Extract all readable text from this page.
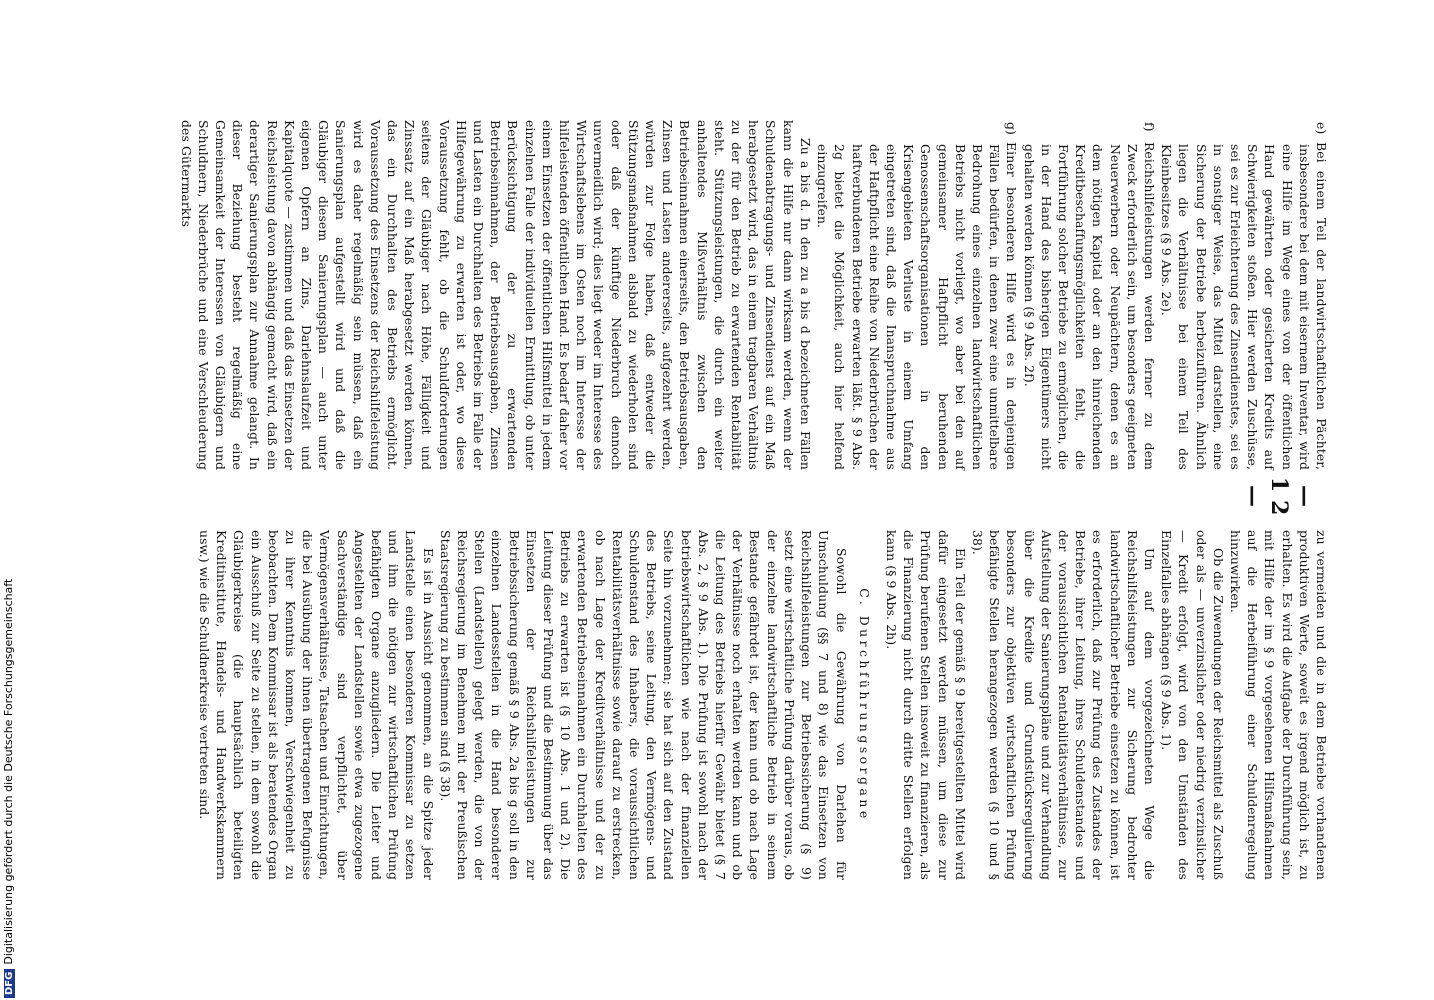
— 12 —
e)Bei einem Teil der landwirtschaftlichen Pächter, insbesondere bei dem mit eisernem Inventar, wird eine Hilfe im Wege eines von der öffentlichen Hand gewährten oder gesicherten Kredits auf Schwierigkeiten stoßen. Hier werden Zuschüsse, sei es zur Erleichterung des Zinsendienstes, sei es in sonstiger Weise, das Mittel darstellen, eine Sicherung der Betriebe herbeizuführen. Ähnlich liegen die Verhältnisse bei einem Teil des Kleinbesitzes (§ 9 Abs. 2e).
f)Reichshilfeleistungen werden ferner zu dem Zweck erforderlich sein, um besonders geeigneten Neuerwerbern oder Neupächtern, denen es an dem nötigen Kapital oder an den hinreichenden Kreditbeschaffungsmöglichkeiten fehlt, die Fortführung solcher Betriebe zu ermöglichen, die in der Hand des bisherigen Eigentümers nicht gehalten werden können (§ 9 Abs. 2f).
g)Einer besonderen Hilfe wird es in denjenigen Fällen bedürfen, in denen zwar eine unmittelbare Bedrohung eines einzelnen landwirtschaftlichen Betriebs nicht vorliegt, wo aber bei den auf gemeinsamer Haftpflicht beruhenden Genossenschaftsorganisationen in den Krisengebieten Verluste in einem Umfang eingetreten sind, daß die Inanspruchnahme aus der Haftpflicht eine Reihe von Niederbrüchen der haftverbundenen Betriebe erwarten läßt. § 9 Abs. 2g bietet die Möglichkeit, auch hier helfend einzugreifen.

Zu a bis d. In den zu a bis d bezeichneten Fällen kann die Hilfe nur dann wirksam werden, wenn der Schuldenabtragungs- und Zinsendienst auf ein Maß herabgesetzt wird, das in einem tragbaren Verhältnis zu der für den Betrieb zu erwartenden Rentabilität steht. Stützungsleistungen, die durch ein weiter anhaltendes Mißverhältnis zwischen den Betriebseinnahmen einerseits, den Betriebsausgaben, Zinsen und Lasten andererseits, aufgezehrt werden, würden zur Folge haben, daß entweder die Stützungsmaßnahmen alsbald zu wiederholen sind oder daß der künftige Niederbruch dennoch unvermeidlich wird; dies liegt weder im Interesse des Wirtschaftslebens im Osten noch im Interesse der hilfeleistenden öffentlichen Hand. Es bedarf daher vor einem Einsetzen der öffentlichen Hilfsmittel in jedem einzelnen Falle der individuellen Ermittlung, ob unter Berücksichtigung der zu erwartenden Betriebseinnahmen, der Betriebsausgaben, Zinsen und Lasten ein Durchhalten des Betriebs im Falle der Hilfegewährung zu erwarten ist oder, wo diese Voraussetzung fehlt, ob die Schuldforderungen seitens der Gläubiger nach Höhe, Fälligkeit und Zinssatz auf ein Maß herabgesetzt werden können, das ein Durchhalten des Betriebs ermöglicht. Voraussetzung des Einsetzens der Reichshilfeleistung wird es daher regelmäßig sein müssen, daß ein Sanierungsplan aufgestellt wird und daß die Gläubiger diesem Sanierungsplan — auch unter eigenen Opfern an Zins, Darlehnslaufzeit und Kapitalquote — zustimmen und daß das Einsetzen der Reichsleistung davon abhängig gemacht wird, daß ein derartiger Sanierungsplan zur Annahme gelangt. In dieser Beziehung besteht regelmäßig eine Gemeinsamkeit der Interessen von Gläubigern und Schuldnern, Niederbrüche und eine Verschleuderung des Gütermarkts

zu vermeiden und die in dem Betriebe vorhandenen produktiven Werte, soweit es irgend möglich ist, zu erhalten. Es wird die Aufgabe der Durchführung sein, mit Hilfe der im § 9 vorgesehenen Hilfsmaßnahmen auf die Herbeiführung einer Schuldenregelung hinzuwirken.

Ob die Zuwendungen der Reichsmittel als Zuschuß oder als — unverzinslicher oder niedrig verzinslicher — Kredit erfolgt, wird von den Umständen des Einzelfalles abhängen (§ 9 Abs. 1).

Um auf dem vorgezeichneten Wege die Reichshilfsleistungen zur Sicherung bedrohter landwirtschaftlicher Betriebe einsetzen zu können, ist es erforderlich, daß zur Prüfung des Zustandes der Betriebe, ihrer Leitung, ihres Schuldenstandes und der voraussichtlichen Rentabilitätsverhältnisse, zur Aufstellung der Sanierungspläne und zur Verhandlung über die Kredite und Grundstücksregulierung besonders zur objektiven wirtschaftlichen Prüfung befähigte Stellen herangezogen werden (§ 10 und § 38).

Ein Teil der gemäß § 9 bereitgestellten Mittel wird dafür eingesetzt werden müssen, um diese zur Prüfung berufenen Stellen insoweit zu finanzieren, als die Finanzierung nicht durch dritte Stellen erfolgen kann (§ 9 Abs. 2h).

C. Durchführungsorgane

Sowohl die Gewährung von Darlehen für Umschuldung (§§ 7 und 8) wie das Einsetzen von Reichshilfeleistungen zur Betriebssicherung (§ 9) setzt eine wirtschaftliche Prüfung darüber voraus, ob der einzelne landwirtschaftliche Betrieb in seinem Bestande gefährdet ist, der kann und ob nach Lage der Verhältnisse noch erhalten werden kann und ob die Leitung des Betriebs hierfür Gewähr bietet (§ 7 Abs. 2, § 9 Abs. 1). Die Prüfung ist sowohl nach der betriebswirtschaftlichen wie nach der finanziellen Seite hin vorzunehmen; sie hat sich auf den Zustand des Betriebs, seine Leitung, den Vermögens- und Schuldenstand des Inhabers, die voraussichtlichen Rentabilitätsverhältnisse sowie darauf zu erstrecken, ob nach Lage der Kreditverhältnisse und der zu erwartenden Betriebseinnahmen ein Durchhalten des Betriebs zu erwarten ist (§ 10 Abs. 1 und 2). Die Leitung dieser Prüfung und die Bestimmung über das Einsetzen der Reichshilfeleistungen zur Betriebssicherung gemäß § 9 Abs. 2a bis g soll in den einzelnen Landesstellen in die Hand besonderer Stellen (Landstellen) gelegt werden, die von der Reichsregierung im Benehmen mit der Preußischen Staatsregierung zu bestimmen sind (§ 38).

Es ist in Aussicht genommen, an die Spitze jeder Landstelle einen besonderen Kommissar zu setzen und ihm die nötigen zur wirtschaftlichen Prüfung befähigten Organe anzugliedern. Die Leiter und Angestellten der Landstellen sowie etwa zugezogene Sachverständige sind verpflichtet, über Vermögensverhältnisse, Tatsachen und Einrichtungen, die bei Ausübung der ihnen übertragenen Befugnisse zu ihrer Kenntnis kommen, Verschwiegenheit zu beobachten. Dem Kommissar ist als beratendes Organ ein Ausschuß zur Seite zu stellen, in dem sowohl die Gläubigerkreise (die hauptsächlich beteiligten Kreditinstitute, Handels- und Handwerkskammern usw.) wie die Schuldnerkreise vertreten sind.

DFGDigitalisierung gefördert durch die Deutsche Forschungsgemeinschaft
